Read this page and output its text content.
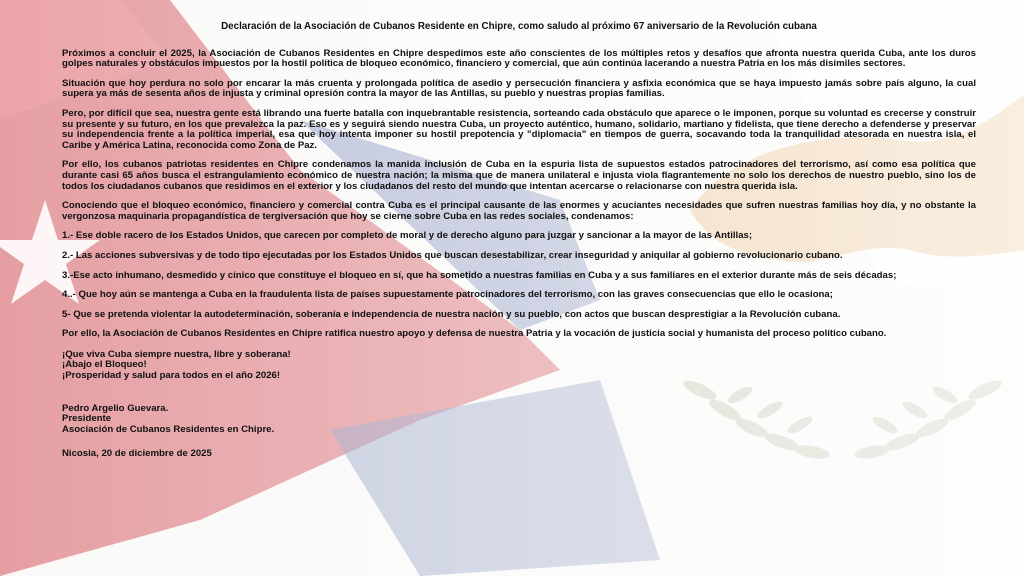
Declaración de la Asociación de Cubanos Residente en Chipre, como saludo al próximo 67 aniversario de la Revolución cubana
Próximos a concluir el 2025, la Asociación de Cubanos Residentes en Chipre despedimos este año conscientes de los múltiples retos y desafíos que afronta nuestra querida Cuba, ante los duros golpes naturales y obstáculos impuestos por la hostil política de bloqueo económico, financiero y comercial, que aún continúa lacerando a nuestra Patria en los más disímiles sectores.
Situación que hoy perdura no solo por encarar la más cruenta y prolongada política de asedio y persecución financiera y asfixia económica que se haya impuesto jamás sobre país alguno, la cual supera ya más de sesenta años de injusta y criminal opresión contra la mayor de las Antillas, su pueblo y nuestras propias familias.
Pero, por difícil que sea, nuestra gente está librando una fuerte batalla con inquebrantable resistencia, sorteando cada obstáculo que aparece o le imponen, porque su voluntad es crecerse y construir su presente y su futuro, en los que prevalezca la paz. Eso es y seguirá siendo nuestra Cuba, un proyecto auténtico, humano, solidario, martiano y fidelista, que tiene derecho a defenderse y preservar su independencia frente a la política imperial, esa que hoy intenta imponer su hostil prepotencia y "diplomacia" en tiempos de guerra, socavando toda la tranquilidad atesorada en nuestra isla, el Caribe y América Latina, reconocida como Zona de Paz.
Por ello, los cubanos patriotas residentes en Chipre condenamos la manida inclusión de Cuba en la espuria lista de supuestos estados patrocinadores del terrorismo, así como esa política que durante casi 65 años busca el estrangulamiento económico de nuestra nación; la misma que de manera unilateral e injusta viola flagrantemente no solo los derechos de nuestro pueblo, sino los de todos los ciudadanos cubanos que residimos en el exterior y los ciudadanos del resto del mundo que intentan acercarse o relacionarse con nuestra querida isla.
Conociendo que el bloqueo económico, financiero y comercial contra Cuba es el principal causante de las enormes y acuciantes necesidades que sufren nuestras familias hoy día, y no obstante la vergonzosa maquinaria propagandística de tergiversación que hoy se cierne sobre Cuba en las redes sociales, condenamos:
1.- Ese doble racero de los Estados Unidos, que carecen por completo de moral y de derecho alguno para juzgar y sancionar a la mayor de las Antillas;
2.- Las acciones subversivas y de todo tipo ejecutadas por los Estados Unidos que buscan desestabilizar, crear inseguridad y aniquilar al gobierno revolucionario cubano.
3.-Ese acto inhumano, desmedido y cínico que constituye el bloqueo en sí, que ha sometido a nuestras familias en Cuba y a sus familiares en el exterior durante más de seis décadas;
4..- Que hoy aún se mantenga a Cuba en la fraudulenta lista de países supuestamente patrocinadores del terrorismo, con las graves consecuencias que ello le ocasiona;
5- Que se pretenda violentar la autodeterminación, soberanía e independencia de nuestra nación y su pueblo, con actos que buscan desprestigiar a la Revolución cubana.
Por ello, la Asociación de Cubanos Residentes en Chipre ratifica nuestro apoyo y defensa de nuestra Patria y la vocación de justicia social y humanista del proceso político cubano.
¡Que viva Cuba siempre nuestra, libre y soberana!
¡Abajo el Bloqueo!
¡Prosperidad y salud para todos en el año 2026!
Pedro Argelio Guevara.
Presidente
Asociación de Cubanos Residentes en Chipre.
Nicosia, 20 de diciembre de 2025
